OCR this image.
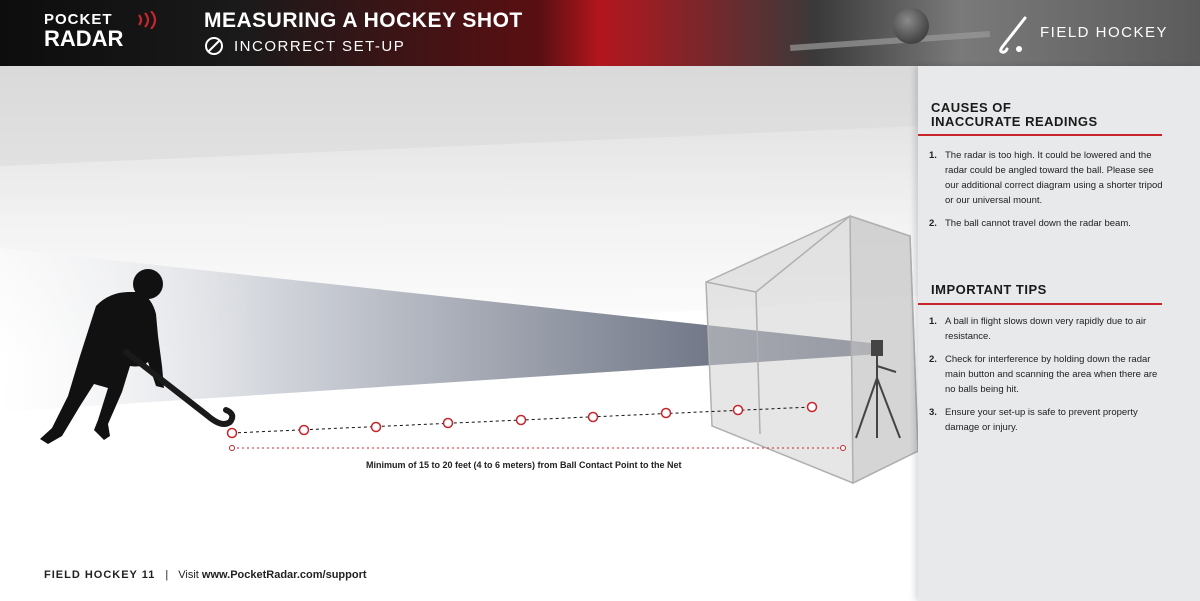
POCKET
RADAR
MEASURING A HOCKEY SHOT
INCORRECT SET-UP
FIELD HOCKEY
Minimum of 15 to 20 feet (4 to 6 meters) from Ball Contact Point to the Net
FIELD HOCKEY 11 | Visit www.PocketRadar.com/support
CAUSES OF
INACCURATE READINGS
1. The radar is too high. It could be lowered and the radar could be angled toward the ball. Please see our additional correct diagram using a shorter tripod or our universal mount.
2. The ball cannot travel down the radar beam.
IMPORTANT TIPS
1. A ball in flight slows down very rapidly due to air resistance.
2. Check for interference by holding down the radar main button and scanning the area when there are no balls being hit.
3. Ensure your set-up is safe to prevent property damage or injury.
